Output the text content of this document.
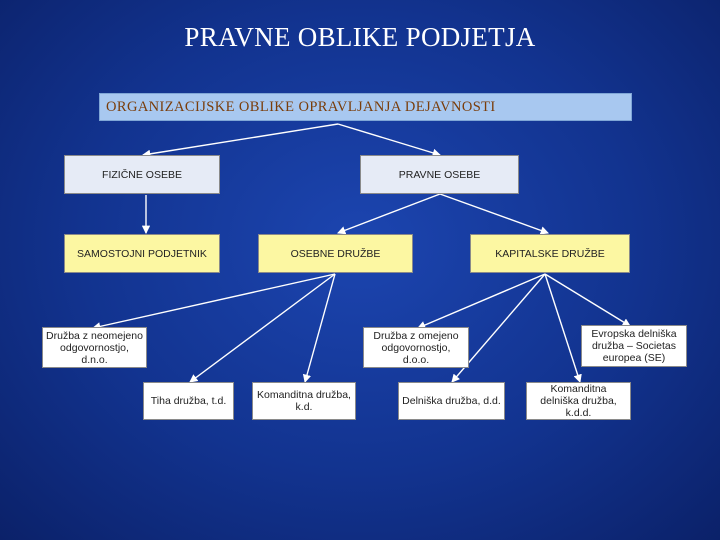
PRAVNE OBLIKE PODJETJA
ORGANIZACIJSKE OBLIKE OPRAVLJANJA DEJAVNOSTI
FIZIČNE OSEBE	PRAVNE OSEBE
SAMOSTOJNI PODJETNIK	OSEBNE DRUŽBE	KAPITALSKE DRUŽBE
Družba z neomejeno odgovornostjo, d.n.o.
Tiha družba, t.d.	Komanditna družba, k.d.
Družba z omejeno odgovornostjo, d.o.o.
Delniška družba, d.d.
Komanditna delniška družba, k.d.d.
Evropska delniška družba – Societas europea (SE)
